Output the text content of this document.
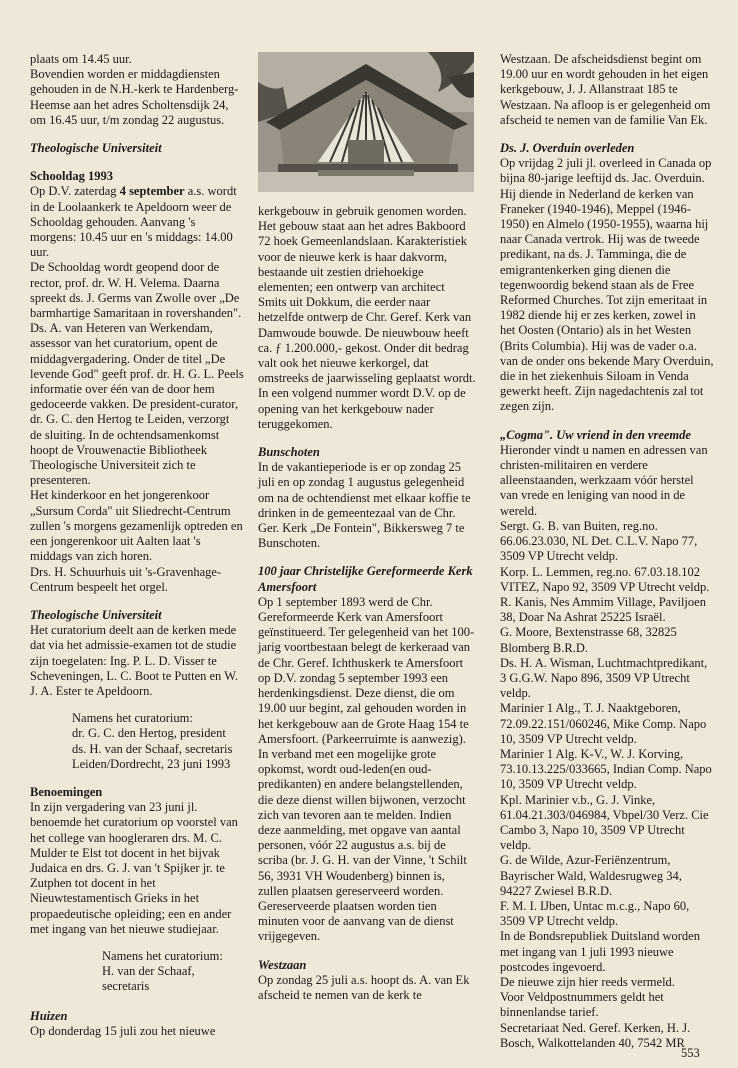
plaats om 14.45 uur.
Bovendien worden er middagdiensten gehouden in de N.H.-kerk te Hardenberg-Heemse aan het adres Scholtensdijk 24, om 16.45 uur, t/m zondag 22 augustus.

Theologische Universiteit

Schooldag 1993

Op D.V. zaterdag 4 september a.s. wordt in de Loolaankerk te Apeldoorn weer de Schooldag gehouden. Aanvang 's morgens: 10.45 uur en 's middags: 14.00 uur.

De Schooldag wordt geopend door de rector, prof. dr. W. H. Velema. Daarna spreekt ds. J. Germs van Zwolle over „De barmhartige Samaritaan in rovershanden".

Ds. A. van Heteren van Werkendam, assessor van het curatorium, opent de middagvergadering. Onder de titel „De levende God" geeft prof. dr. H. G. L. Peels informatie over één van de door hem gedoceerde vakken. De president-curator, dr. G. C. den Hertog te Leiden, verzorgt de sluiting. In de ochtendsamenkomst hoopt de Vrouwenactie Bibliotheek Theologische Universiteit zich te presenteren.

Het kinderkoor en het jongerenkoor „Sursum Corda" uit Sliedrecht-Centrum zullen 's morgens gezamenlijk optreden en een jongerenkoor uit Aalten laat 's middags van zich horen.

Drs. H. Schuurhuis uit 's-Gravenhage-Centrum bespeelt het orgel.

Theologische Universiteit

Het curatorium deelt aan de kerken mede dat via het admissie-examen tot de studie zijn toegelaten: Ing. P. L. D. Visser te Scheveningen, L. C. Boot te Putten en W. J. A. Ester te Apeldoorn.

Namens het curatorium:
dr. G. C. den Hertog, president
ds. H. van der Schaaf, secretaris
Leiden/Dordrecht, 23 juni 1993

Benoemingen

In zijn vergadering van 23 juni jl. benoemde het curatorium op voorstel van het college van hoogleraren drs. M. C. Mulder te Elst tot docent in het bijvak Judaica en drs. G. J. van 't Spijker jr. te Zutphen tot docent in het Nieuwtestamentisch Grieks in het propaedeutische opleiding; een en ander met ingang van het nieuwe studiejaar.

Namens het curatorium:
H. van der Schaaf, secretaris

Huizen

Op donderdag 15 juli zou het nieuwe

kerkgebouw in gebruik genomen worden. Het gebouw staat aan het adres Bakboord 72 hoek Gemeenlandslaan. Karakteristiek voor de nieuwe kerk is haar dakvorm, bestaande uit zestien driehoekige elementen; een ontwerp van architect Smits uit Dokkum, die eerder naar hetzelfde ontwerp de Chr. Geref. Kerk van Damwoude bouwde. De nieuwbouw heeft ca. ƒ 1.200.000,- gekost. Onder dit bedrag valt ook het nieuwe kerkorgel, dat omstreeks de jaarwisseling geplaatst wordt.

In een volgend nummer wordt D.V. op de opening van het kerkgebouw nader teruggekomen.

Bunschoten

In de vakantieperiode is er op zondag 25 juli en op zondag 1 augustus gelegenheid om na de ochtendienst met elkaar koffie te drinken in de gemeentezaal van de Chr. Ger. Kerk „De Fontein", Bikkersweg 7 te Bunschoten.

100 jaar Christelijke Gereformeerde Kerk Amersfoort

Op 1 september 1893 werd de Chr. Gereformeerde Kerk van Amersfoort geïnstitueerd. Ter gelegenheid van het 100-jarig voortbestaan belegt de kerkeraad van de Chr. Geref. Ichthuskerk te Amersfoort op D.V. zondag 5 september 1993 een herdenkingsdienst. Deze dienst, die om 19.00 uur begint, zal gehouden worden in het kerkgebouw aan de Grote Haag 154 te Amersfoort. (Parkeerruimte is aanwezig).

In verband met een mogelijke grote opkomst, wordt oud-leden(en oud-predikanten) en andere belangstellenden, die deze dienst willen bijwonen, verzocht zich van tevoren aan te melden. Indien deze aanmelding, met opgave van aantal personen, vóór 22 augustus a.s. bij de scriba (br. J. G. H. van der Vinne, 't Schilt 56, 3931 VH Woudenberg) binnen is, zullen plaatsen gereserveerd worden. Gereserveerde plaatsen worden tien minuten voor de aanvang van de dienst vrijgegeven.

Westzaan

Op zondag 25 juli a.s. hoopt ds. A. van Ek afscheid te nemen van de kerk te

Westzaan. De afscheidsdienst begint om 19.00 uur en wordt gehouden in het eigen kerkgebouw, J. J. Allanstraat 185 te Westzaan. Na afloop is er gelegenheid om afscheid te nemen van de familie Van Ek.

Ds. J. Overduin overleden

Op vrijdag 2 juli jl. overleed in Canada op bijna 80-jarige leeftijd ds. Jac. Overduin. Hij diende in Nederland de kerken van Franeker (1940-1946), Meppel (1946-1950) en Almelo (1950-1955), waarna hij naar Canada vertrok. Hij was de tweede predikant, na ds. J. Tamminga, die de emigrantenkerken ging dienen die tegenwoordig bekend staan als de Free Reformed Churches. Tot zijn emeritaat in 1982 diende hij er zes kerken, zowel in het Oosten (Ontario) als in het Westen (Brits Columbia). Hij was de vader o.a. van de onder ons bekende Mary Overduin, die in het ziekenhuis Siloam in Venda gewerkt heeft. Zijn nagedachtenis zal tot zegen zijn.

„Cogma". Uw vriend in den vreemde

Hieronder vindt u namen en adressen van christen-militairen en verdere alleenstaanden, werkzaam vóór herstel van vrede en leniging van nood in de wereld.

Sergt. G. B. van Buiten, reg.no. 66.06.23.030, NL Det. C.L.V. Napo 77, 3509 VP Utrecht veldp.

Korp. L. Lemmen, reg.no. 67.03.18.102 VITEZ, Napo 92, 3509 VP Utrecht veldp.

R. Kanis, Nes Ammim Village, Paviljoen 38, Doar Na Ashrat 25225 Israël.

G. Moore, Bextenstrasse 68, 32825 Blomberg B.R.D.

Ds. H. A. Wisman, Luchtmachtpredikant, 3 G.G.W. Napo 896, 3509 VP Utrecht veldp.

Marinier 1 Alg., T. J. Naaktgeboren, 72.09.22.151/060246, Mike Comp. Napo 10, 3509 VP Utrecht veldp.

Marinier 1 Alg. K-V., W. J. Korving, 73.10.13.225/033665, Indian Comp. Napo 10, 3509 VP Utrecht veldp.

Kpl. Marinier v.b., G. J. Vinke, 61.04.21.303/046984, Vbpel/30 Verz. Cie Cambo 3, Napo 10, 3509 VP Utrecht veldp.

G. de Wilde, Azur-Feriënzentrum, Bayrischer Wald, Waldesrugweg 34, 94227 Zwiesel B.R.D.

F. M. I. IJben, Untac m.c.g., Napo 60, 3509 VP Utrecht veldp.

In de Bondsrepubliek Duitsland worden met ingang van 1 juli 1993 nieuwe postcodes ingevoerd.

De nieuwe zijn hier reeds vermeld.

Voor Veldpostnummers geldt het binnenlandse tarief.

Secretariaat Ned. Geref. Kerken, H. J. Bosch, Walkottelanden 40, 7542 MR

553
